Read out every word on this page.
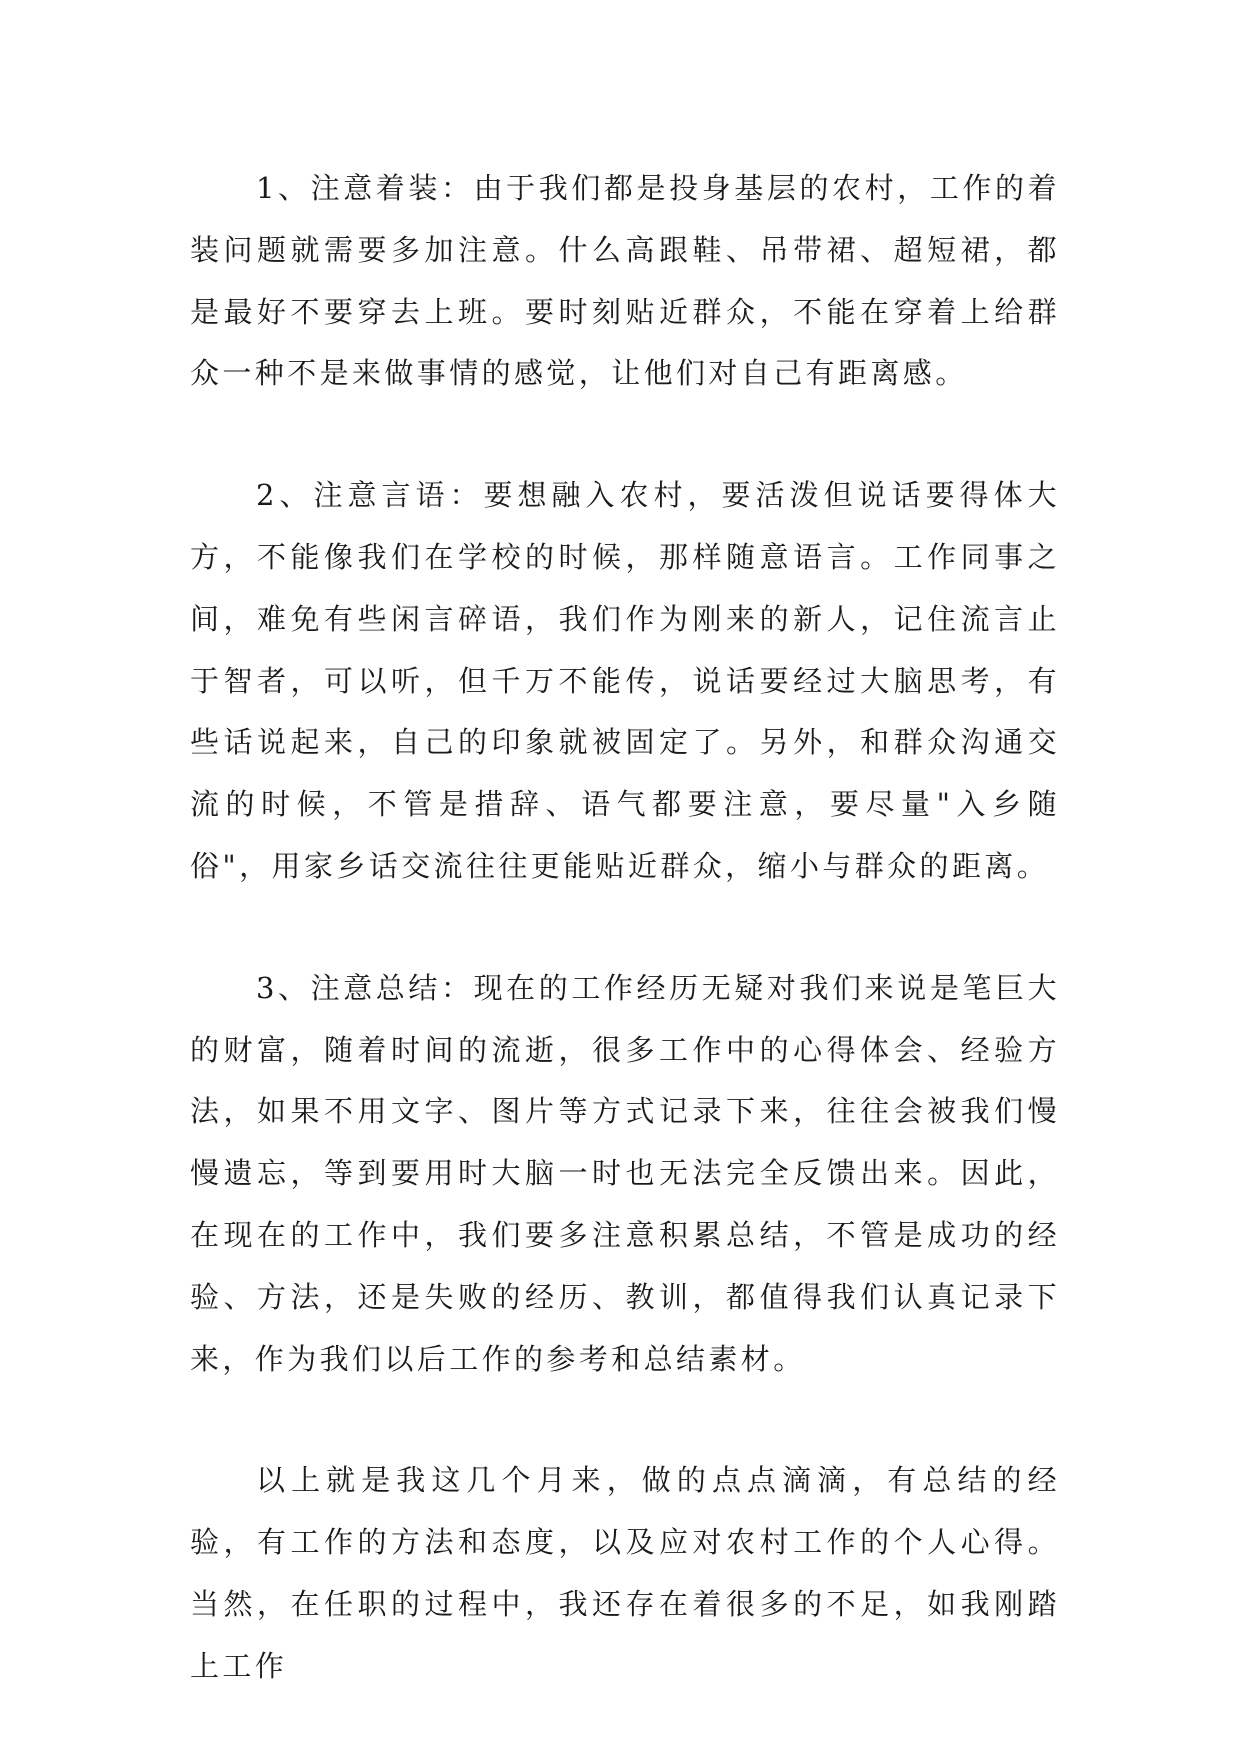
1、注意着装：由于我们都是投身基层的农村，工作的着装问题就需要多加注意。什么高跟鞋、吊带裙、超短裙，都是最好不要穿去上班。要时刻贴近群众，不能在穿着上给群众一种不是来做事情的感觉，让他们对自己有距离感。

2、注意言语：要想融入农村，要活泼但说话要得体大方，不能像我们在学校的时候，那样随意语言。工作同事之间，难免有些闲言碎语，我们作为刚来的新人，记住流言止于智者，可以听，但千万不能传，说话要经过大脑思考，有些话说起来，自己的印象就被固定了。另外，和群众沟通交流的时候，不管是措辞、语气都要注意，要尽量"入乡随俗"，用家乡话交流往往更能贴近群众，缩小与群众的距离。

3、注意总结：现在的工作经历无疑对我们来说是笔巨大的财富，随着时间的流逝，很多工作中的心得体会、经验方法，如果不用文字、图片等方式记录下来，往往会被我们慢慢遗忘，等到要用时大脑一时也无法完全反馈出来。因此，在现在的工作中，我们要多注意积累总结，不管是成功的经验、方法，还是失败的经历、教训，都值得我们认真记录下来，作为我们以后工作的参考和总结素材。

以上就是我这几个月来，做的点点滴滴，有总结的经验，有工作的方法和态度，以及应对农村工作的个人心得。当然，在任职的过程中，我还存在着很多的不足，如我刚踏上工作
